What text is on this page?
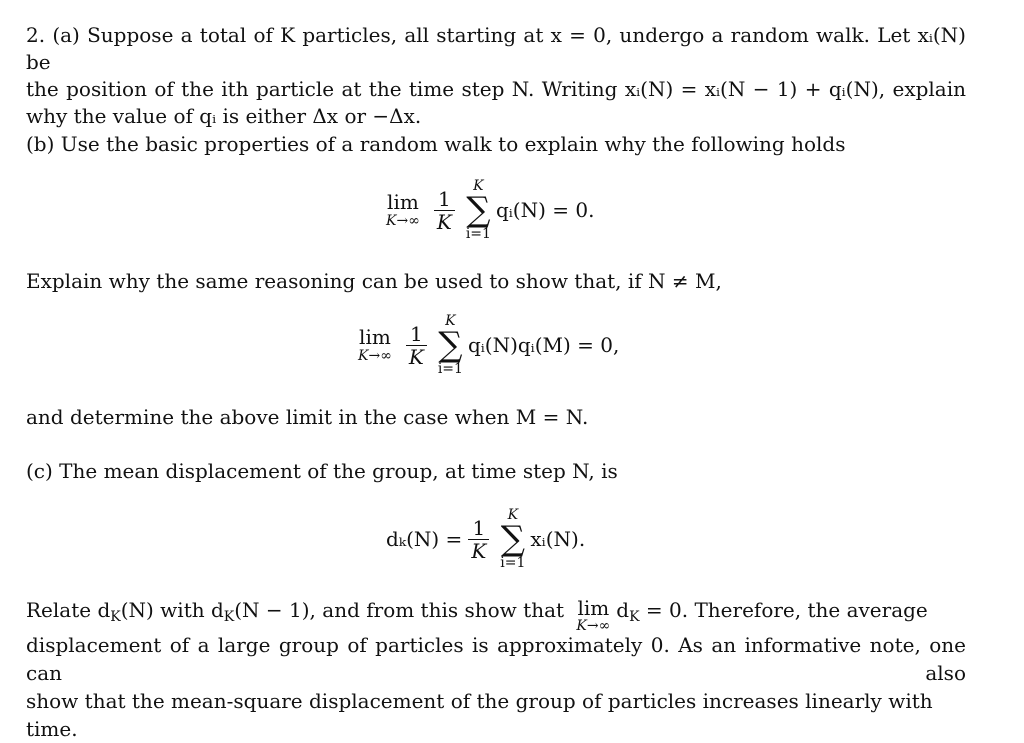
2. (a) Suppose a total of K particles, all starting at x = 0, undergo a random walk. Let xᵢ(N) be
the position of the ith particle at the time step N. Writing xᵢ(N) = xᵢ(N − 1) + qᵢ(N), explain
why the value of qᵢ is either Δx or −Δx.
(b) Use the basic properties of a random walk to explain why the following holds
lim
$K\to\infty \frac{1}{K}$
K
∑
i=1
qᵢ(N) = 0.
Explain why the same reasoning can be used to show that, if N ≠ M,
lim
$K\to\infty \frac{1}{K}$
K
∑
i=1
qᵢ(N)qᵢ(M) = 0,
and determine the above limit in the case when M = N.
(c) The mean displacement of the group, at time step N, is
$d_k(N) = \frac{1}{K}$
K
∑
i=1
xᵢ(N).
Relate $d_K(N)$ with $d_K(N - 1)$, and from this show that lim
K→∞
$d_K = 0$. Therefore, the average
displacement of a large group of particles is approximately 0. As an informative note, one can also
show that the mean-square displacement of the group of particles increases linearly with time.
